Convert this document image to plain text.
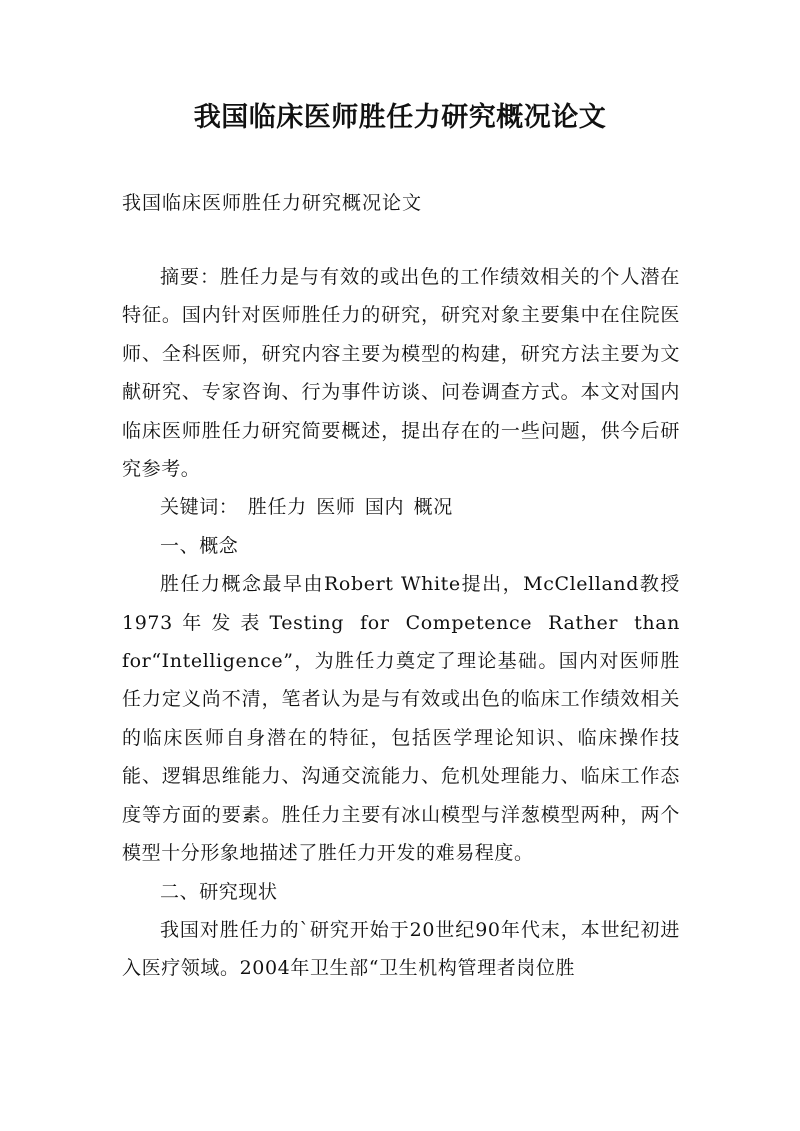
我国临床医师胜任力研究概况论文

我国临床医师胜任力研究概况论文

摘要：胜任力是与有效的或出色的工作绩效相关的个人潜在特征。国内针对医师胜任力的研究，研究对象主要集中在住院医师、全科医师，研究内容主要为模型的构建，研究方法主要为文献研究、专家咨询、行为事件访谈、问卷调查方式。本文对国内临床医师胜任力研究简要概述，提出存在的一些问题，供今后研究参考。

关键词： 胜任力 医师 国内 概况

一、概念

胜任力概念最早由Robert White提出，McClelland教授1973年发表Testing for Competence Rather than for“Intelligence”，为胜任力奠定了理论基础。国内对医师胜任力定义尚不清，笔者认为是与有效或出色的临床工作绩效相关的临床医师自身潜在的特征，包括医学理论知识、临床操作技能、逻辑思维能力、沟通交流能力、危机处理能力、临床工作态度等方面的要素。胜任力主要有冰山模型与洋葱模型两种，两个模型十分形象地描述了胜任力开发的难易程度。

二、研究现状

我国对胜任力的`研究开始于20世纪90年代末，本世纪初进入医疗领域。2004年卫生部“卫生机构管理者岗位胜
